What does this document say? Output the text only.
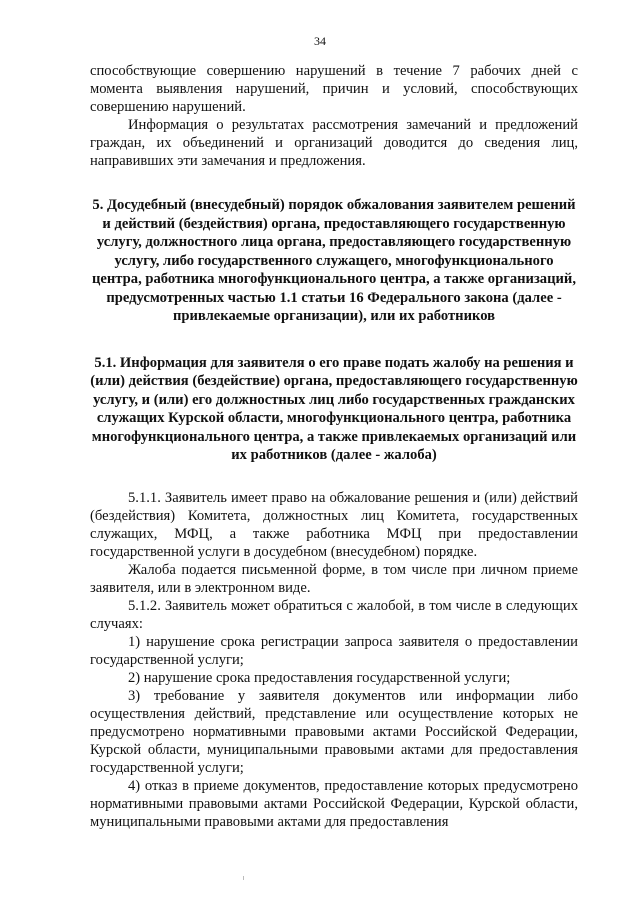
34

способствующие совершению нарушений в течение 7 рабочих дней с момента выявления нарушений, причин и условий, способствующих совершению нарушений.

Информация о результатах рассмотрения замечаний и предложений граждан, их объединений и организаций доводится до сведения лиц, направивших эти замечания и предложения.

5. Досудебный (внесудебный) порядок обжалования заявителем решений и действий (бездействия) органа, предоставляющего государственную услугу, должностного лица органа, предоставляющего государственную услугу, либо государственного служащего, многофункционального центра, работника многофункционального центра, а также организаций, предусмотренных частью 1.1 статьи 16 Федерального закона (далее - привлекаемые организации), или их работников

5.1. Информация для заявителя о его праве подать жалобу на решения и (или) действия (бездействие) органа, предоставляющего государственную услугу, и (или) его должностных лиц либо государственных гражданских служащих Курской области, многофункционального центра, работника многофункционального центра, а также привлекаемых организаций или их работников (далее - жалоба)

5.1.1. Заявитель имеет право на обжалование решения и (или) действий (бездействия) Комитета, должностных лиц Комитета, государственных служащих, МФЦ, а также работника МФЦ при предоставлении государственной услуги в досудебном (внесудебном) порядке.

Жалоба подается письменной форме, в том числе при личном приеме заявителя, или в электронном виде.

5.1.2. Заявитель может обратиться с жалобой, в том числе в следующих случаях:

1) нарушение срока регистрации запроса заявителя о предоставлении государственной услуги;

2) нарушение срока предоставления государственной услуги;

3) требование у заявителя документов или информации либо осуществления действий, представление или осуществление которых не предусмотрено нормативными правовыми актами Российской Федерации, Курской области, муниципальными правовыми актами для предоставления государственной услуги;

4) отказ в приеме документов, предоставление которых предусмотрено нормативными правовыми актами Российской Федерации, Курской области, муниципальными правовыми актами для предоставления
